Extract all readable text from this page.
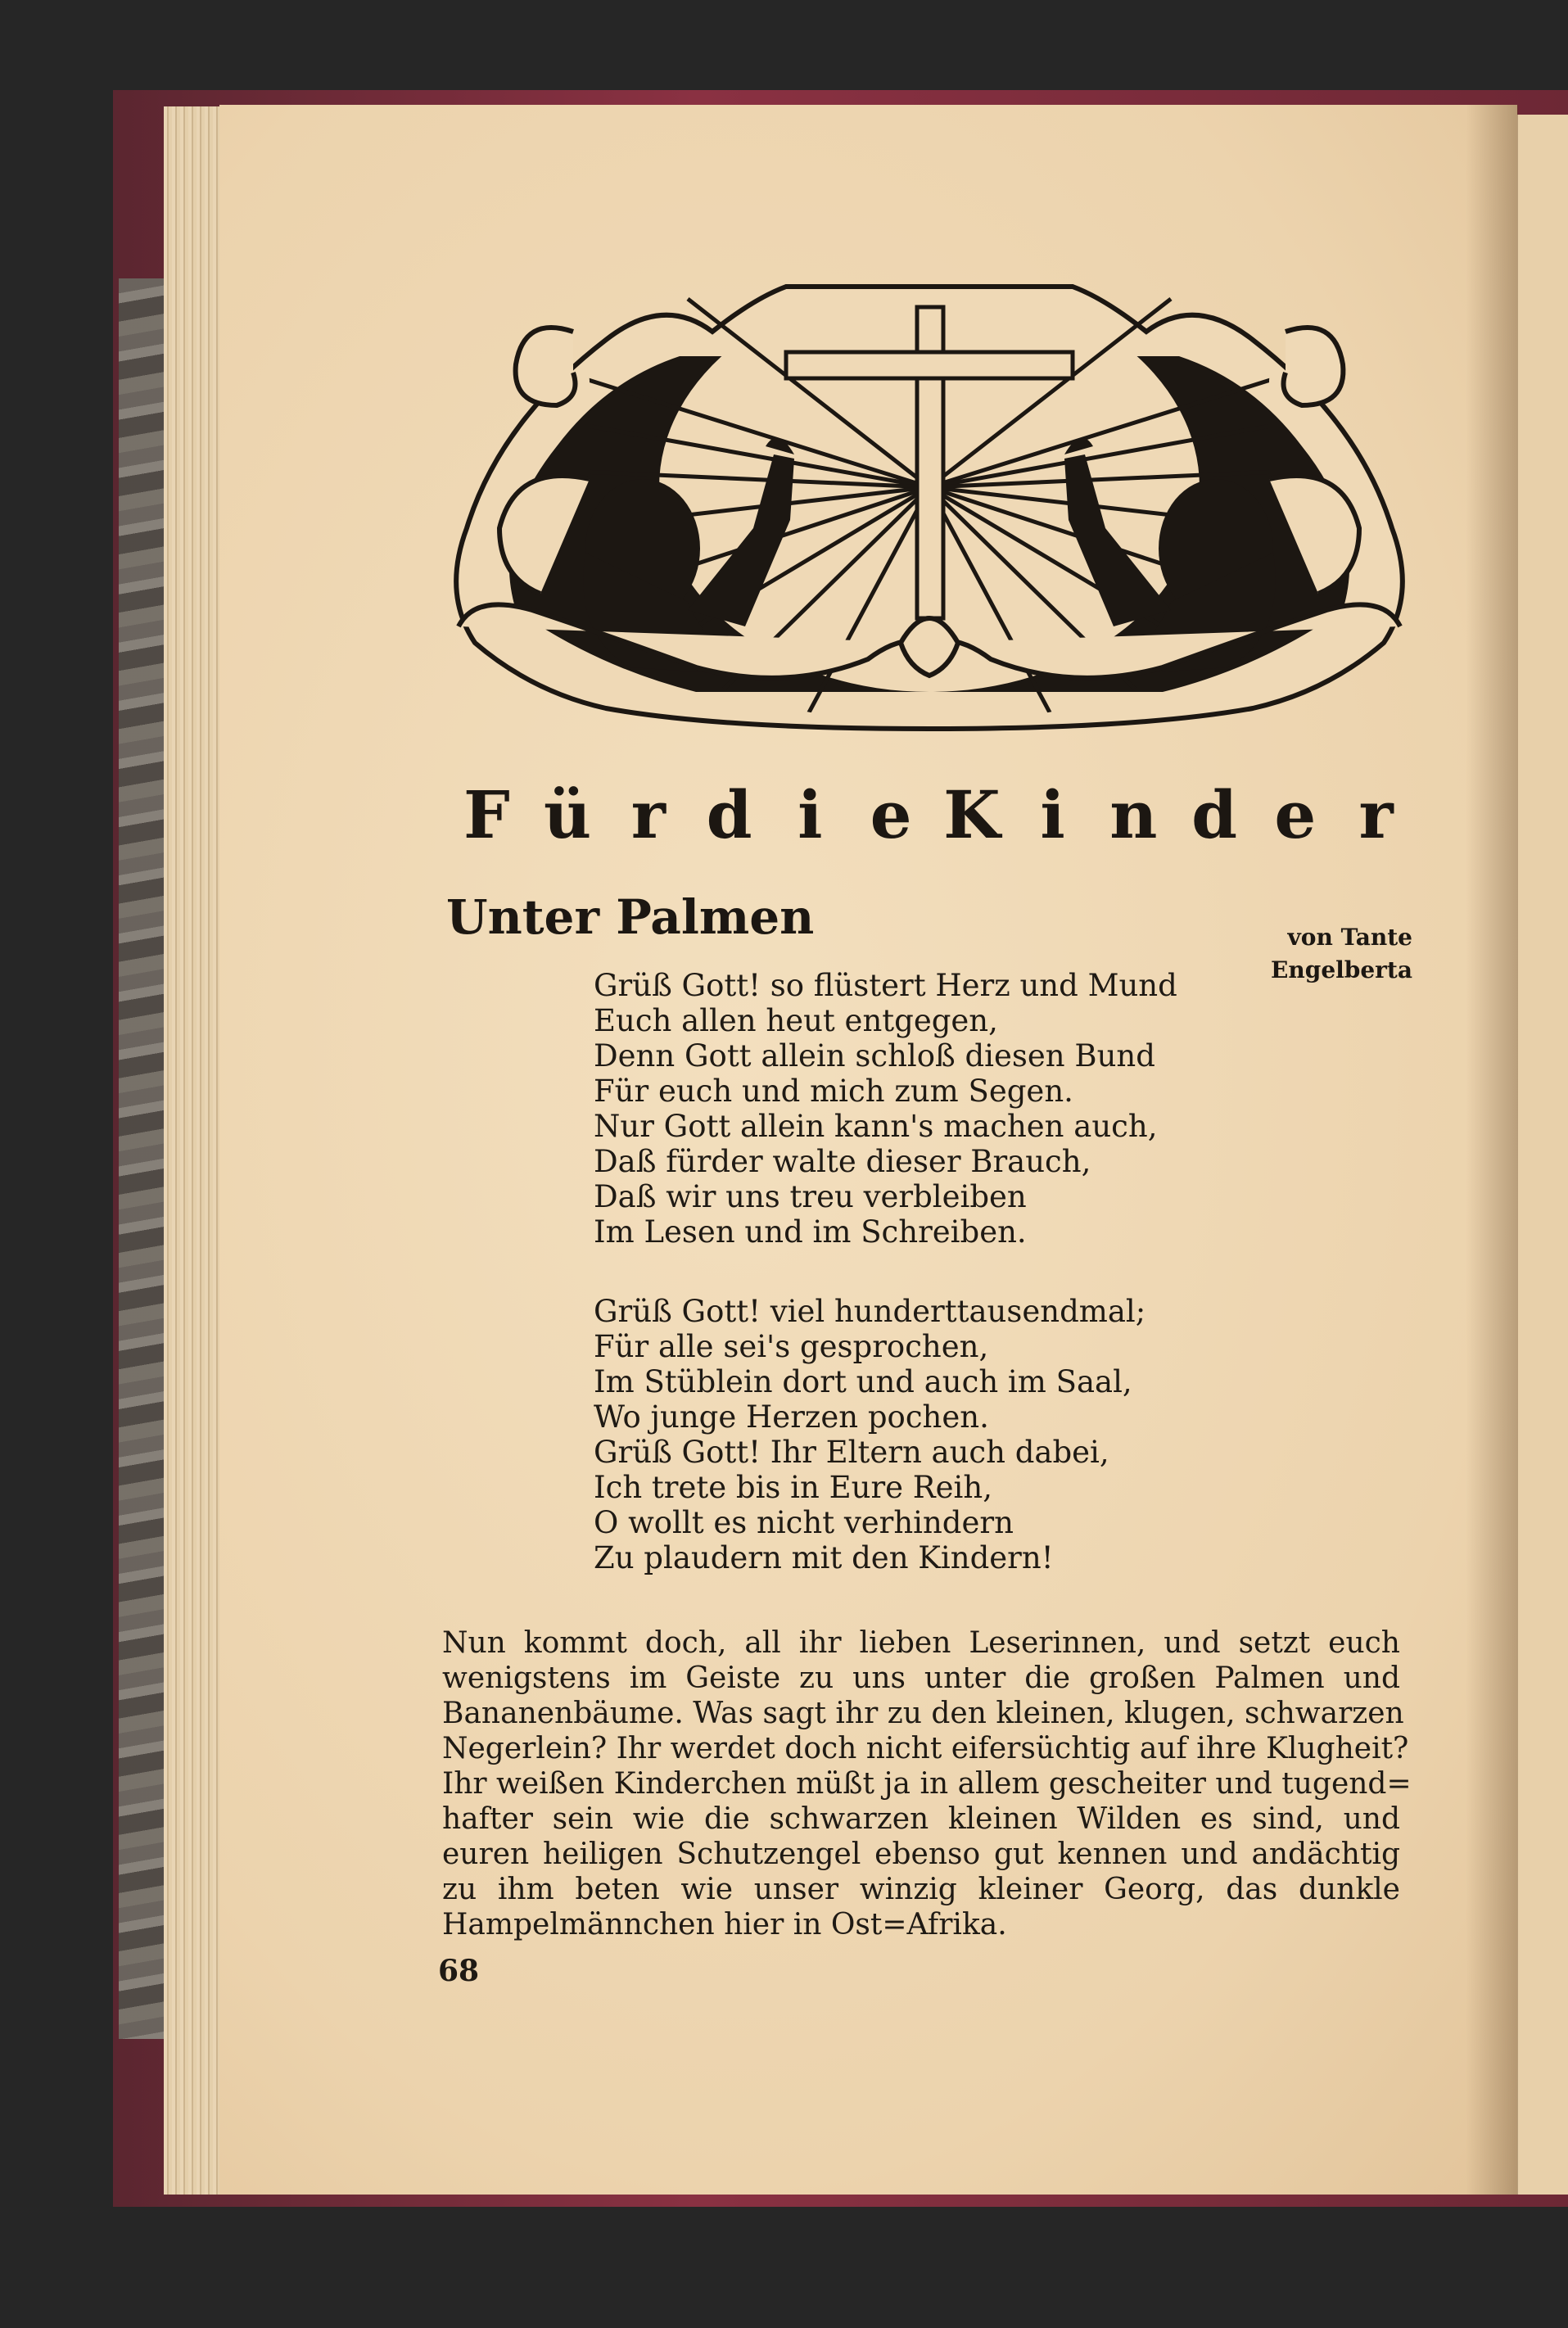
F ü r d i e K i n d e r
Unter Palmen	von Tante Engelberta
Grüß Gott! so flüstert Herz und Mund
Euch allen heut entgegen,
Denn Gott allein schloß diesen Bund
Für euch und mich zum Segen.
Nur Gott allein kann's machen auch,
Daß fürder walte dieser Brauch,
Daß wir uns treu verbleiben
Im Lesen und im Schreiben.
Grüß Gott! viel hunderttausendmal;
Für alle sei's gesprochen,
Im Stüblein dort und auch im Saal,
Wo junge Herzen pochen.
Grüß Gott! Ihr Eltern auch dabei,
Ich trete bis in Eure Reih,
O wollt es nicht verhindern
Zu plaudern mit den Kindern!
Nun kommt doch, all ihr lieben Leserinnen, und setzt euch
wenigstens im Geiste zu uns unter die großen Palmen und
Bananenbäume. Was sagt ihr zu den kleinen, klugen, schwarzen
Negerlein? Ihr werdet doch nicht eifersüchtig auf ihre Klugheit?
Ihr weißen Kinderchen müßt ja in allem gescheiter und tugend=
hafter sein wie die schwarzen kleinen Wilden es sind, und
euren heiligen Schutzengel ebenso gut kennen und andächtig
zu ihm beten wie unser winzig kleiner Georg, das dunkle
Hampelmännchen hier in Ost=Afrika.
68
